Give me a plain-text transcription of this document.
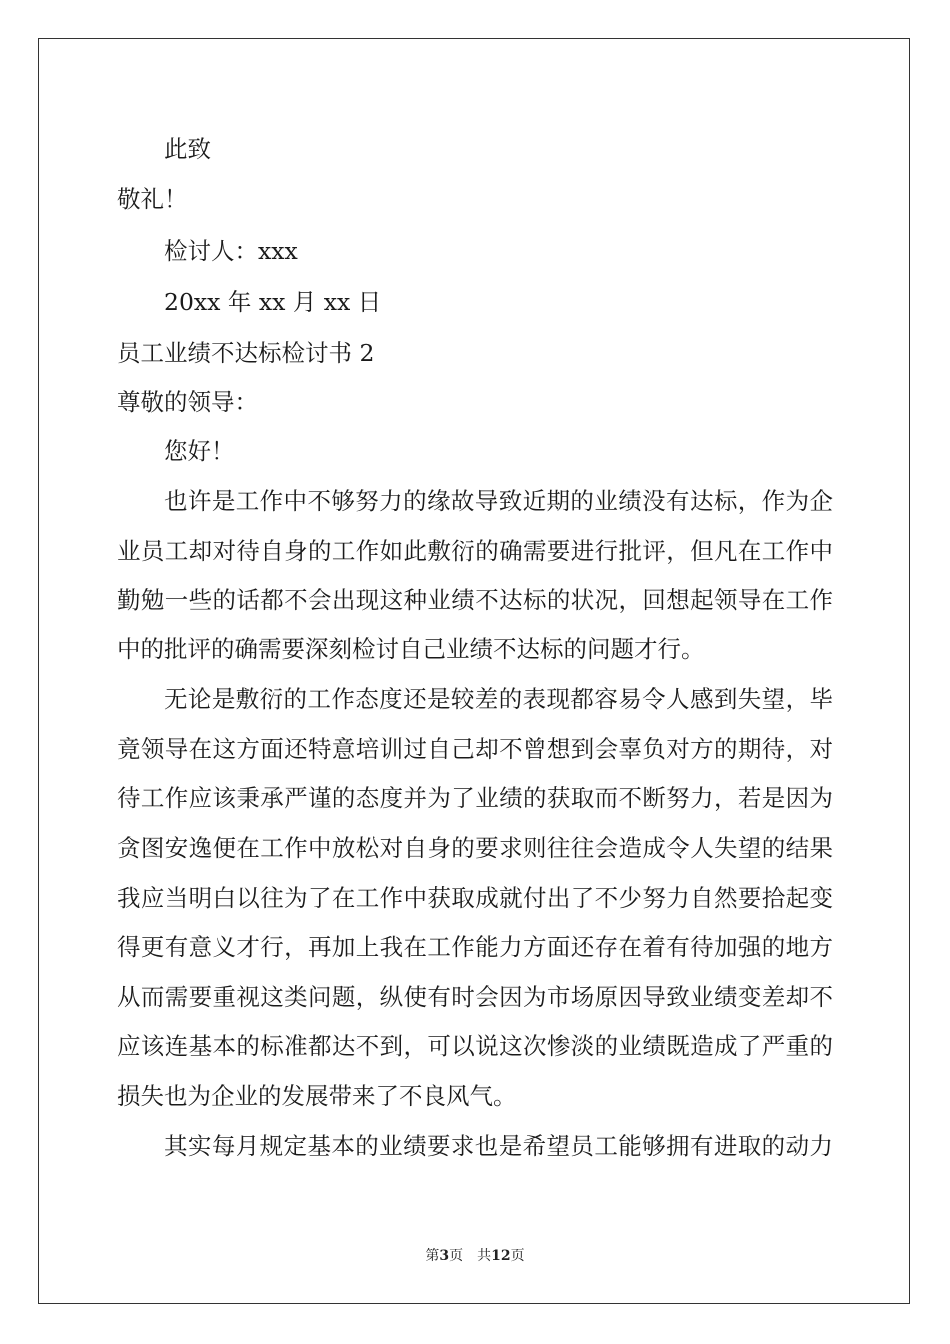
此致
敬礼！
检讨人：xxx
20xx 年 xx 月 xx 日
员工业绩不达标检讨书 2
尊敬的领导：
您好！
也许是工作中不够努力的缘故导致近期的业绩没有达标，作为企
业员工却对待自身的工作如此敷衍的确需要进行批评，但凡在工作中
勤勉一些的话都不会出现这种业绩不达标的状况，回想起领导在工作
中的批评的确需要深刻检讨自己业绩不达标的问题才行。
无论是敷衍的工作态度还是较差的表现都容易令人感到失望，毕
竟领导在这方面还特意培训过自己却不曾想到会辜负对方的期待，对
待工作应该秉承严谨的态度并为了业绩的获取而不断努力，若是因为
贪图安逸便在工作中放松对自身的要求则往往会造成令人失望的结果
我应当明白以往为了在工作中获取成就付出了不少努力自然要拾起变
得更有意义才行，再加上我在工作能力方面还存在着有待加强的地方
从而需要重视这类问题，纵使有时会因为市场原因导致业绩变差却不
应该连基本的标准都达不到，可以说这次惨淡的业绩既造成了严重的
损失也为企业的发展带来了不良风气。
其实每月规定基本的业绩要求也是希望员工能够拥有进取的动力
第3页 共12页
